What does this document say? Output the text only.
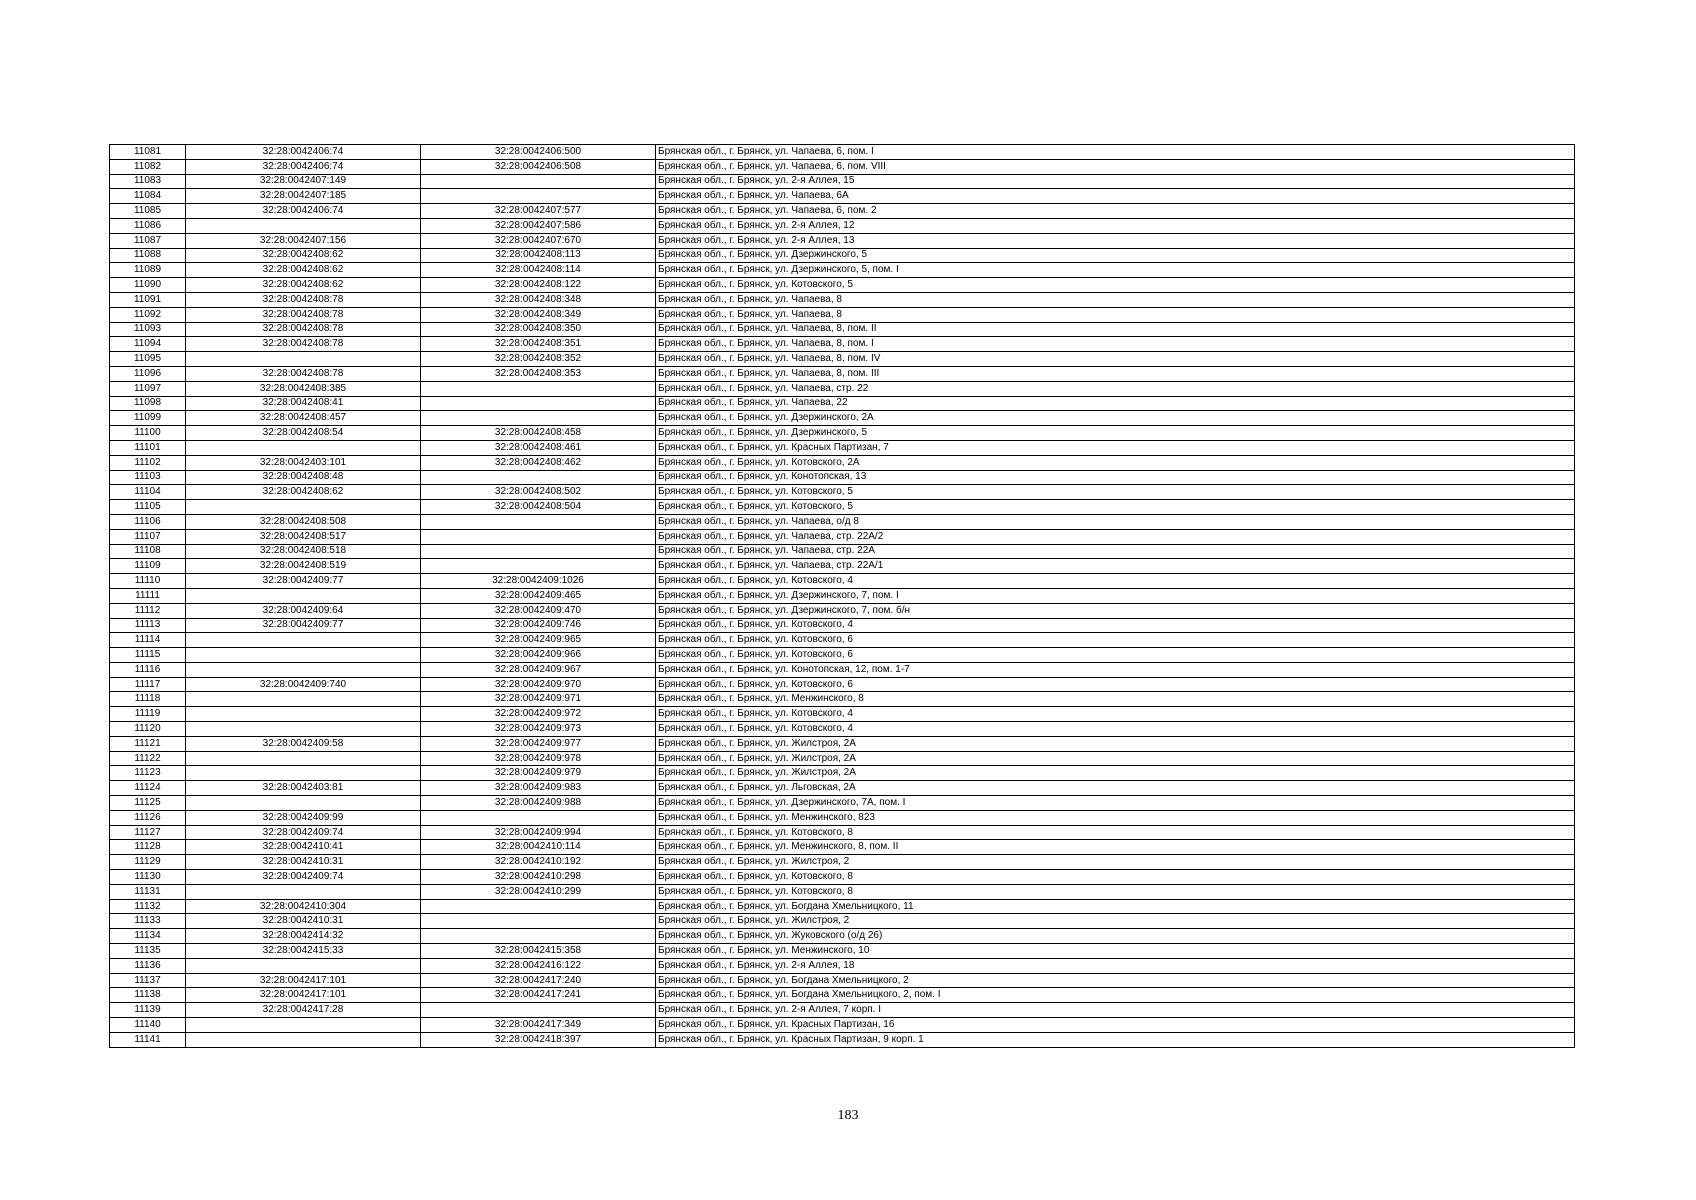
11081	32:28:0042406:74	32:28:0042406:500	Брянская обл., г. Брянск, ул. Чапаева, 6, пом. I
11082	32:28:0042406:74	32:28:0042406:508	Брянская обл., г. Брянск, ул. Чапаева, 6, пом. VIII
11083	32:28:0042407:149		Брянская обл., г. Брянск, ул. 2-я Аллея, 15
11084	32:28:0042407:185		Брянская обл., г. Брянск, ул. Чапаева, 6А
11085	32:28:0042406:74	32:28:0042407:577	Брянская обл., г. Брянск, ул. Чапаева, 6, пом. 2
11086		32:28:0042407:586	Брянская обл., г. Брянск, ул. 2-я Аллея, 12
11087	32:28:0042407:156	32:28:0042407:670	Брянская обл., г. Брянск, ул. 2-я Аллея, 13
11088	32:28:0042408:62	32:28:0042408:113	Брянская обл., г. Брянск, ул. Дзержинского, 5
11089	32:28:0042408:62	32:28:0042408:114	Брянская обл., г. Брянск, ул. Дзержинского, 5, пом. I
11090	32:28:0042408:62	32:28:0042408:122	Брянская обл., г. Брянск, ул. Котовского, 5
11091	32:28:0042408:78	32:28:0042408:348	Брянская обл., г. Брянск, ул. Чапаева, 8
11092	32:28:0042408:78	32:28:0042408:349	Брянская обл., г. Брянск, ул. Чапаева, 8
11093	32:28:0042408:78	32:28:0042408:350	Брянская обл., г. Брянск, ул. Чапаева, 8, пом. II
11094	32:28:0042408:78	32:28:0042408:351	Брянская обл., г. Брянск, ул. Чапаева, 8, пом. I
11095		32:28:0042408:352	Брянская обл., г. Брянск, ул. Чапаева, 8, пом. IV
11096	32:28:0042408:78	32:28:0042408:353	Брянская обл., г. Брянск, ул. Чапаева, 8, пом. III
11097	32:28:0042408:385		Брянская обл., г. Брянск, ул. Чапаева, стр. 22
11098	32:28:0042408:41		Брянская обл., г. Брянск, ул. Чапаева, 22
11099	32:28:0042408:457		Брянская обл., г. Брянск, ул. Дзержинского, 2А
11100	32:28:0042408:54	32:28:0042408:458	Брянская обл., г. Брянск, ул. Дзержинского, 5
11101		32:28:0042408:461	Брянская обл., г. Брянск, ул. Красных Партизан, 7
11102	32:28:0042403:101	32:28:0042408:462	Брянская обл., г. Брянск, ул. Котовского, 2А
11103	32:28:0042408:48		Брянская обл., г. Брянск, ул. Конотопская, 13
11104	32:28:0042408:62	32:28:0042408:502	Брянская обл., г. Брянск, ул. Котовского, 5
11105		32:28:0042408:504	Брянская обл., г. Брянск, ул. Котовского, 5
11106	32:28:0042408:508		Брянская обл., г. Брянск, ул. Чапаева, о/д 8
11107	32:28:0042408:517		Брянская обл., г. Брянск, ул. Чапаева, стр. 22А/2
11108	32:28:0042408:518		Брянская обл., г. Брянск, ул. Чапаева, стр. 22А
11109	32:28:0042408:519		Брянская обл., г. Брянск, ул. Чапаева, стр. 22А/1
11110	32:28:0042409:77	32:28:0042409:1026	Брянская обл., г. Брянск, ул. Котовского, 4
11111		32:28:0042409:465	Брянская обл., г. Брянск, ул. Дзержинского, 7, пом. I
11112	32:28:0042409:64	32:28:0042409:470	Брянская обл., г. Брянск, ул. Дзержинского, 7, пом. б/н
11113	32:28:0042409:77	32:28:0042409:746	Брянская обл., г. Брянск, ул. Котовского, 4
11114		32:28:0042409:965	Брянская обл., г. Брянск, ул. Котовского, 6
11115		32:28:0042409:966	Брянская обл., г. Брянск, ул. Котовского, 6
11116		32:28:0042409:967	Брянская обл., г. Брянск, ул. Конотопская, 12, пом. 1-7
11117	32:28:0042409:740	32:28:0042409:970	Брянская обл., г. Брянск, ул. Котовского, 6
11118		32:28:0042409:971	Брянская обл., г. Брянск, ул. Менжинского, 8
11119		32:28:0042409:972	Брянская обл., г. Брянск, ул. Котовского, 4
11120		32:28:0042409:973	Брянская обл., г. Брянск, ул. Котовского, 4
11121	32:28:0042409:58	32:28:0042409:977	Брянская обл., г. Брянск, ул. Жилстроя, 2А
11122		32:28:0042409:978	Брянская обл., г. Брянск, ул. Жилстроя, 2А
11123		32:28:0042409:979	Брянская обл., г. Брянск, ул. Жилстроя, 2А
11124	32:28:0042403:81	32:28:0042409:983	Брянская обл., г. Брянск, ул. Льговская, 2А
11125		32:28:0042409:988	Брянская обл., г. Брянск, ул. Дзержинского, 7А, пом. I
11126	32:28:0042409:99		Брянская обл., г. Брянск, ул. Менжинского, 823
11127	32:28:0042409:74	32:28:0042409:994	Брянская обл., г. Брянск, ул. Котовского, 8
11128	32:28:0042410:41	32:28:0042410:114	Брянская обл., г. Брянск, ул. Менжинского, 8, пом. II
11129	32:28:0042410:31	32:28:0042410:192	Брянская обл., г. Брянск, ул. Жилстроя, 2
11130	32:28:0042409:74	32:28:0042410:298	Брянская обл., г. Брянск, ул. Котовского, 8
11131		32:28:0042410:299	Брянская обл., г. Брянск, ул. Котовского, 8
11132	32:28:0042410:304		Брянская обл., г. Брянск, ул. Богдана Хмельницкого, 11
11133	32:28:0042410:31		Брянская обл., г. Брянск, ул. Жилстроя, 2
11134	32:28:0042414:32		Брянская обл., г. Брянск, ул. Жуковского (о/д 26)
11135	32:28:0042415:33	32:28:0042415:358	Брянская обл., г. Брянск, ул. Менжинского, 10
11136		32:28:0042416:122	Брянская обл., г. Брянск, ул. 2-я Аллея, 18
11137	32:28:0042417:101	32:28:0042417:240	Брянская обл., г. Брянск, ул. Богдана Хмельницкого, 2
11138	32:28:0042417:101	32:28:0042417:241	Брянская обл., г. Брянск, ул. Богдана Хмельницкого, 2, пом. I
11139	32:28:0042417:28		Брянская обл., г. Брянск, ул. 2-я Аллея, 7 корп. I
11140		32:28:0042417:349	Брянская обл., г. Брянск, ул. Красных Партизан, 16
11141		32:28:0042418:397	Брянская обл., г. Брянск, ул. Красных Партизан, 9 корп. 1
183
